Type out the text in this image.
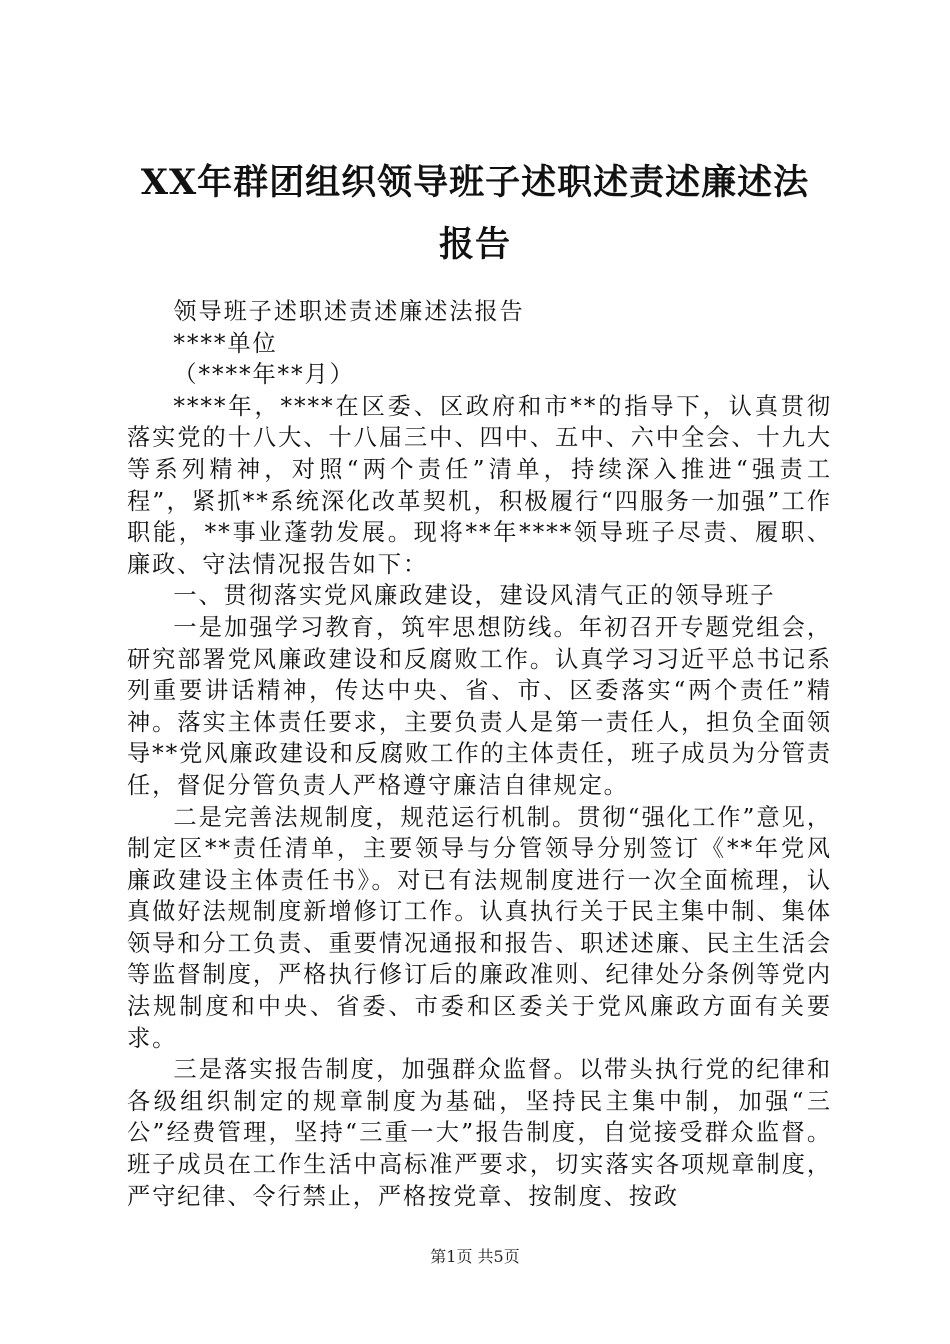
XX年群团组织领导班子述职述责述廉述法报告

领导班子述职述责述廉述法报告

****单位

（****年**月）

****年，****在区委、区政府和市**的指导下，认真贯彻落实党的十八大、十八届三中、四中、五中、六中全会、十九大等系列精神，对照“两个责任”清单，持续深入推进“强责工程”，紧抓**系统深化改革契机，积极履行“四服务一加强”工作职能，**事业蓬勃发展。现将**年****领导班子尽责、履职、廉政、守法情况报告如下：

一、贯彻落实党风廉政建设，建设风清气正的领导班子

一是加强学习教育，筑牢思想防线。年初召开专题党组会，研究部署党风廉政建设和反腐败工作。认真学习习近平总书记系列重要讲话精神，传达中央、省、市、区委落实“两个责任”精神。落实主体责任要求，主要负责人是第一责任人，担负全面领导**党风廉政建设和反腐败工作的主体责任，班子成员为分管责任，督促分管负责人严格遵守廉洁自律规定。

二是完善法规制度，规范运行机制。贯彻“强化工作”意见，制定区**责任清单，主要领导与分管领导分别签订《**年党风廉政建设主体责任书》。对已有法规制度进行一次全面梳理，认真做好法规制度新增修订工作。认真执行关于民主集中制、集体领导和分工负责、重要情况通报和报告、职述述廉、民主生活会等监督制度，严格执行修订后的廉政准则、纪律处分条例等党内法规制度和中央、省委、市委和区委关于党风廉政方面有关要求。

三是落实报告制度，加强群众监督。以带头执行党的纪律和各级组织制定的规章制度为基础，坚持民主集中制，加强“三公”经费管理，坚持“三重一大”报告制度，自觉接受群众监督。班子成员在工作生活中高标准严要求，切实落实各项规章制度，严守纪律、令行禁止，严格按党章、按制度、按政

第1页 共5页
